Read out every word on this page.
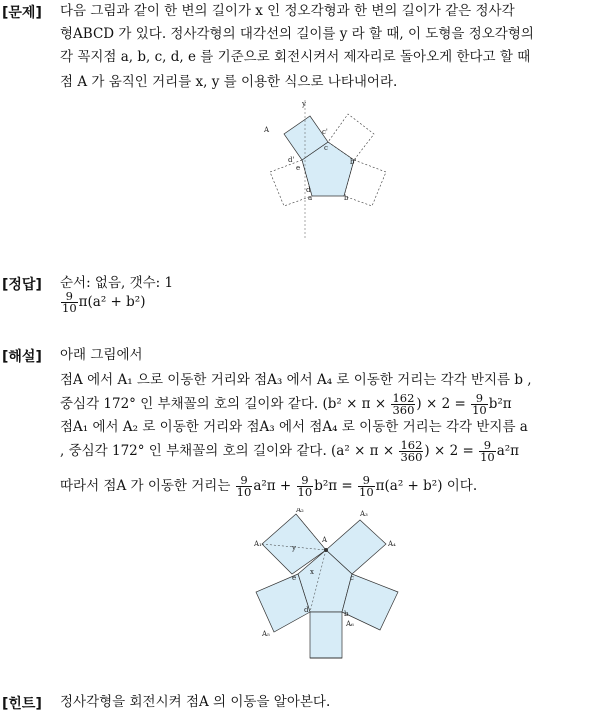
[문제] 다음 그림과 같이 한 변의 길이가 x 인 정오각형과 한 변의 길이가 같은 정사각
형ABCD 가 있다. 정사각형의 대각선의 길이를 y 라 할 때, 이 도형을 정오각형의
각 꼭지점 a, b, c, d, e 를 기준으로 회전시켜서 제자리로 돌아오게 한다고 할 때
점 A 가 움직인 거리를 x, y 를 이용한 식으로 나타내어라.
y
A
d'
c'
d
b'
c
e
a	b
[정답] 순서: 없음, 갯수: 1
$\frac{9}{10} \pi(a^2 + b^2)$
[해설] 아래 그림에서
점A 에서 A₁ 으로 이동한 거리와 점A₃ 에서 A₄ 로 이동한 거리는 각각 반지름 b ,
중심각 172° 인 부채꼴의 호의 길이와 같다. ($b^2 \times \pi \times \frac{162}{360}$ ) × $2 = \frac{9}{10} b^2\pi$
점A₁ 에서 A₂ 로 이동한 거리와 점A₃ 에서 점A₄ 로 이동한 거리는 각각 반지름 a
, 중심각 172° 인 부채꼴의 호의 길이와 같다. ($a^2 \times \pi \times \frac{162}{360}$ ) × $2 = \frac{9}{10} a^2\pi$
따라서 점A 가 이동한 거리는 $\frac{9}{10} a^2\pi + \frac{9}{10} b^2\pi = \frac{9}{10} \pi(a^2 + b^2)$ 이다.
A₂
A₁	y
x
A
A₃
A₄
d
e	c
b
A₅
A₆
[힌트] 정사각형을 회전시켜 점A 의 이동을 알아본다.
